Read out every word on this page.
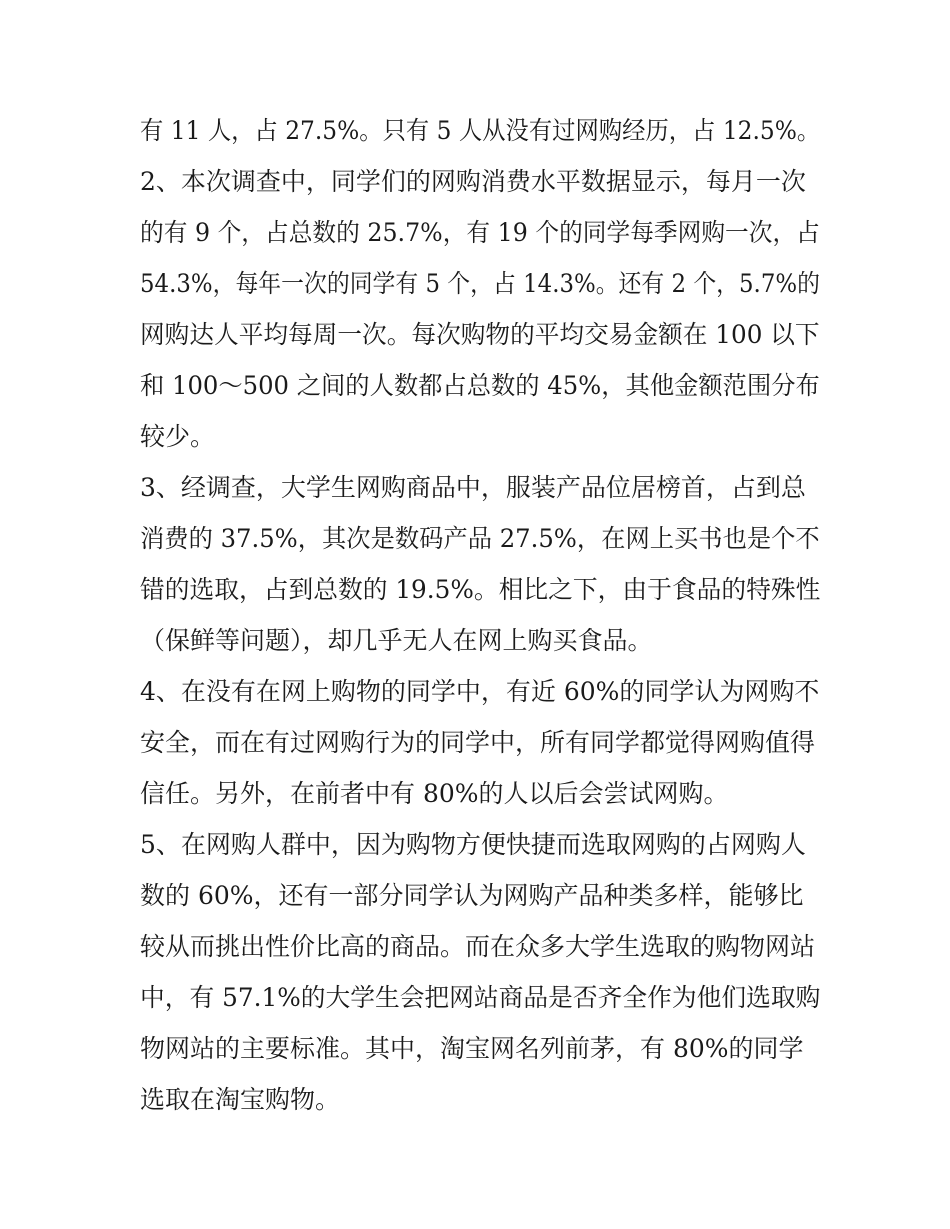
有 11 人，占 27.5%。只有 5 人从没有过网购经历，占 12.5%。
2、本次调查中，同学们的网购消费水平数据显示，每月一次
的有 9 个，占总数的 25.7%，有 19 个的同学每季网购一次，占
54.3%，每年一次的同学有 5 个，占 14.3%。还有 2 个，5.7%的
网购达人平均每周一次。每次购物的平均交易金额在 100 以下
和 100～500 之间的人数都占总数的 45%，其他金额范围分布
较少。
3、经调查，大学生网购商品中，服装产品位居榜首，占到总
消费的 37.5%，其次是数码产品 27.5%，在网上买书也是个不
错的选取，占到总数的 19.5%。相比之下，由于食品的特殊性
（保鲜等问题），却几乎无人在网上购买食品。
4、在没有在网上购物的同学中，有近 60%的同学认为网购不
安全，而在有过网购行为的同学中，所有同学都觉得网购值得
信任。另外，在前者中有 80%的人以后会尝试网购。
5、在网购人群中，因为购物方便快捷而选取网购的占网购人
数的 60%，还有一部分同学认为网购产品种类多样，能够比
较从而挑出性价比高的商品。而在众多大学生选取的购物网站
中，有 57.1%的大学生会把网站商品是否齐全作为他们选取购
物网站的主要标准。其中，淘宝网名列前茅，有 80%的同学
选取在淘宝购物。
